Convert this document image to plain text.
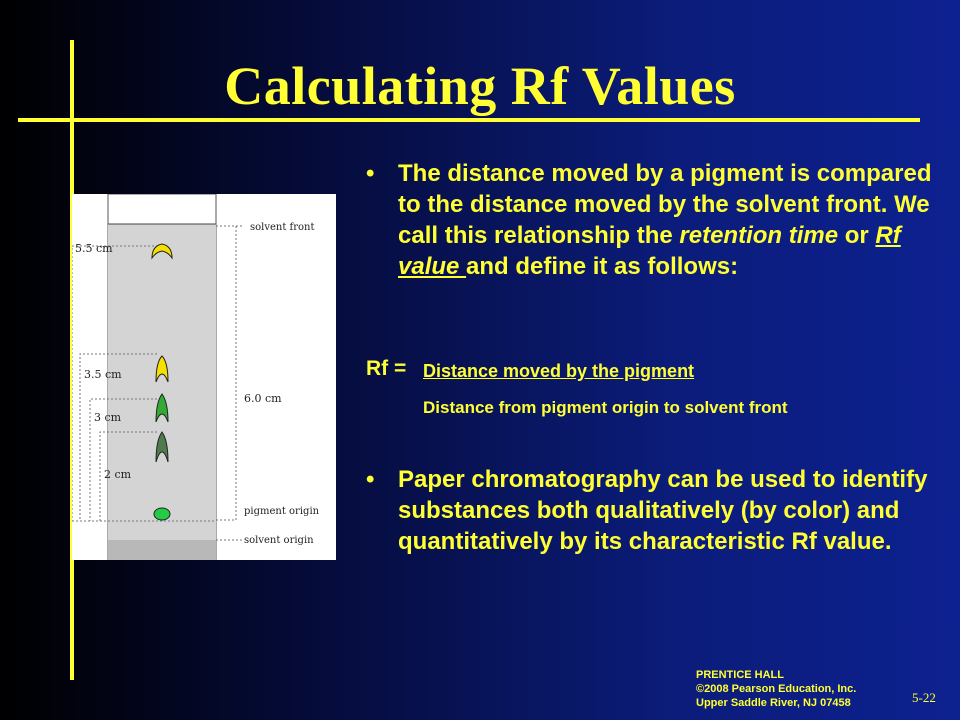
Calculating Rf Values
5.5 cm
3.5 cm
3 cm
2 cm
6.0 cm
solvent front
pigment origin
solvent origin
• The distance moved by a pigment is compared to the distance moved by the solvent front. We call this relationship the retention time or Rf value and define it as follows:
Rf = Distance moved by the pigment
Distance from pigment origin to solvent front
• Paper chromatography can be used to identify substances both qualitatively (by color) and quantitatively by its characteristic Rf value.
PRENTICE HALL
©2008 Pearson Education, Inc.
Upper Saddle River, NJ 07458	5-22
